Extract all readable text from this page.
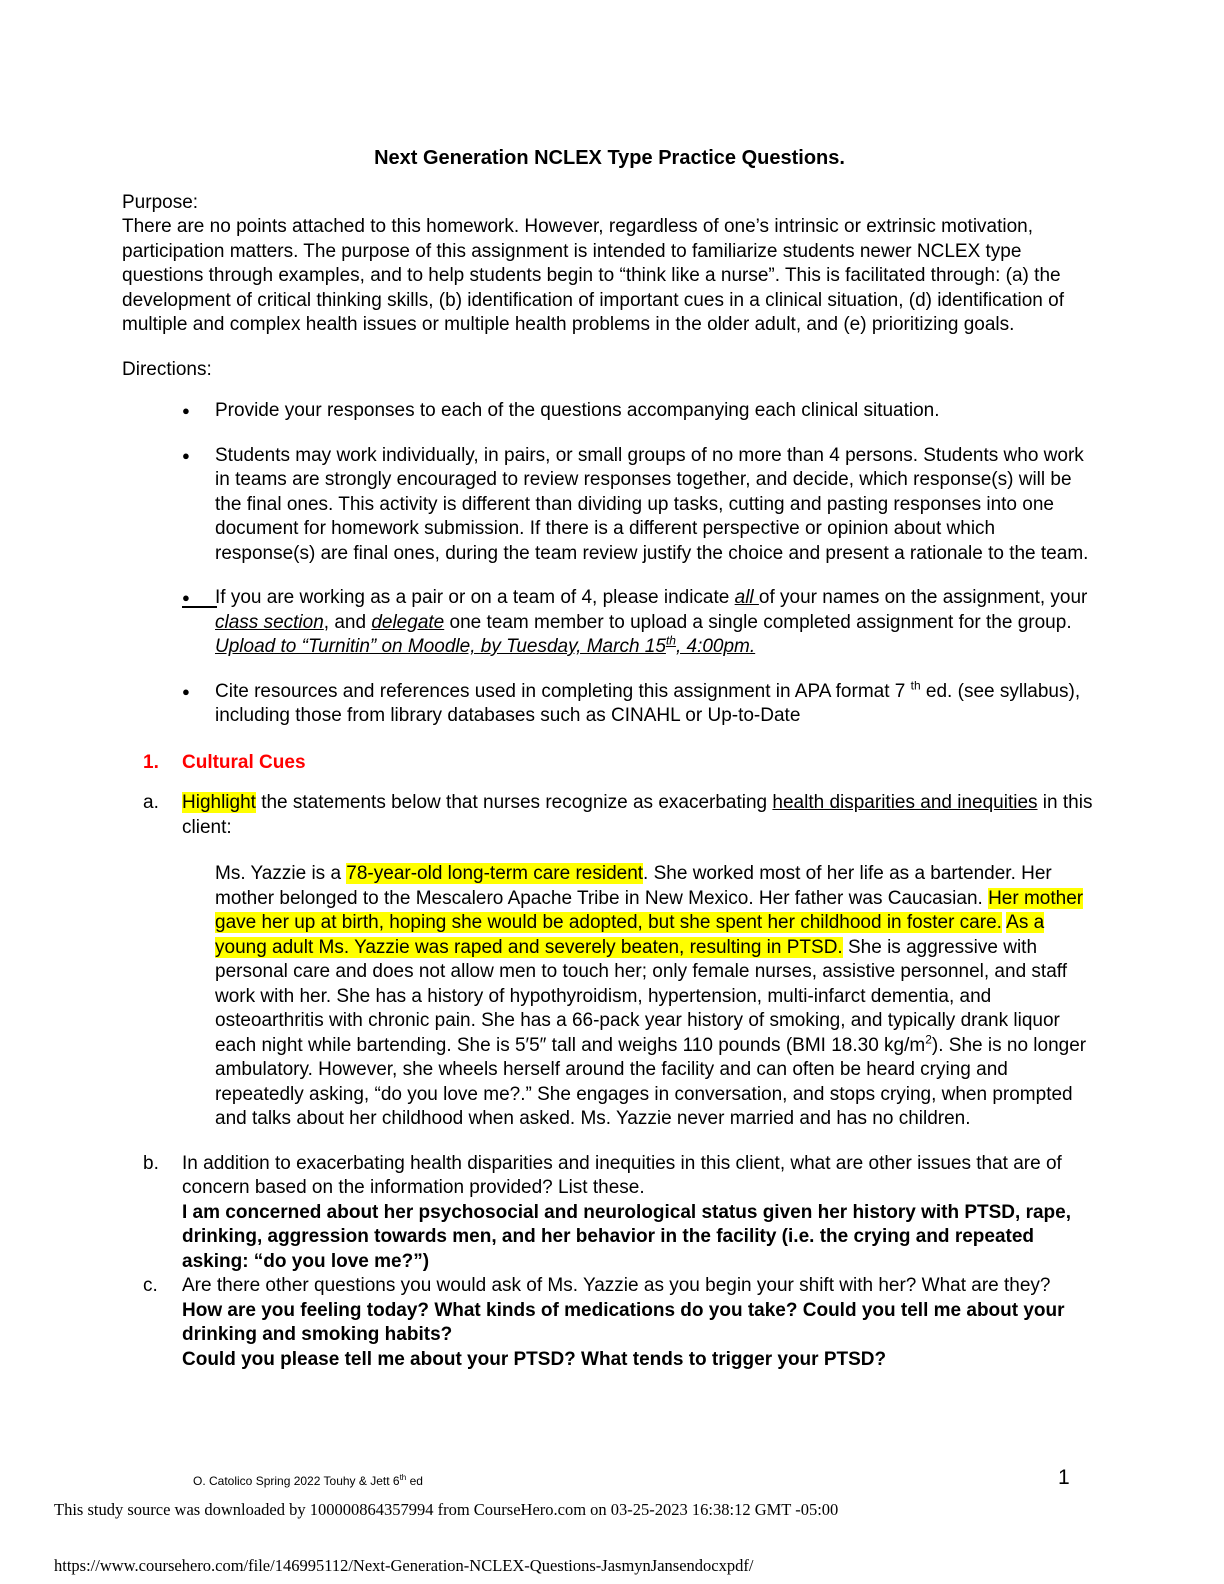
Next Generation NCLEX Type Practice Questions.
Purpose:

There are no points attached to this homework. However, regardless of one’s intrinsic or extrinsic motivation, participation matters. The purpose of this assignment is intended to familiarize students newer NCLEX type questions through examples, and to help students begin to “think like a nurse”. This is facilitated through: (a) the development of critical thinking skills, (b) identification of important cues in a clinical situation, (d) identification of multiple and complex health issues or multiple health problems in the older adult, and (e) prioritizing goals.

Directions:
● Provide your responses to each of the questions accompanying each clinical situation.
● Students may work individually, in pairs, or small groups of no more than 4 persons. Students who work in teams are strongly encouraged to review responses together, and decide, which response(s) will be the final ones. This activity is different than dividing up tasks, cutting and pasting responses into one document for homework submission. If there is a different perspective or opinion about which response(s) are final ones, during the team review justify the choice and present a rationale to the team.
●	If you are working as a pair or on a team of 4, please indicate all of your names on the assignment, your class section, and delegate one team member to upload a single completed assignment for the group. Upload to “Turnitin” on Moodle, by Tuesday, March 15th, 4:00pm.
● Cite resources and references used in completing this assignment in APA format 7 $^{th}$ ed. (see syllabus), including those from library databases such as CINAHL or Up-to-Date
1. Cultural Cues
a. Highlight the statements below that nurses recognize as exacerbating health disparities and inequities in this client:
Ms. Yazzie is a 78-year-old long-term care resident. She worked most of her life as a bartender. Her mother belonged to the Mescalero Apache Tribe in New Mexico. Her father was Caucasian. Her mother gave her up at birth, hoping she would be adopted, but she spent her childhood in foster care. As a young adult Ms. Yazzie was raped and severely beaten, resulting in PTSD. She is aggressive with personal care and does not allow men to touch her; only female nurses, assistive personnel, and staff work with her. She has a history of hypothyroidism, hypertension, multi-infarct dementia, and osteoarthritis with chronic pain. She has a 66-pack year history of smoking, and typically drank liquor each night while bartending. She is 5′5″ tall and weighs 110 pounds (BMI 18.30 $kg/m^2$). She is no longer ambulatory. However, she wheels herself around the facility and can often be heard crying and repeatedly asking, “do you love me?.” She engages in conversation, and stops crying, when prompted and talks about her childhood when asked. Ms. Yazzie never married and has no children.
b. In addition to exacerbating health disparities and inequities in this client, what are other issues that are of concern based on the information provided? List these.
I am concerned about her psychosocial and neurological status given her history with PTSD, rape, drinking, aggression towards men, and her behavior in the facility (i.e. the crying and repeated asking: “do you love me?”)
c. Are there other questions you would ask of Ms. Yazzie as you begin your shift with her? What are they?
How are you feeling today? What kinds of medications do you take? Could you tell me about your drinking and smoking habits?
Could you please tell me about your PTSD? What tends to trigger your PTSD?
O. Catolico Spring 2022 Touhy & Jett 6th ed	1
This study source was downloaded by 100000864357994 from CourseHero.com on 03-25-2023 16:38:12 GMT -05:00
https://www.coursehero.com/file/146995112/Next-Generation-NCLEX-Questions-JasmynJansendocxpdf/
